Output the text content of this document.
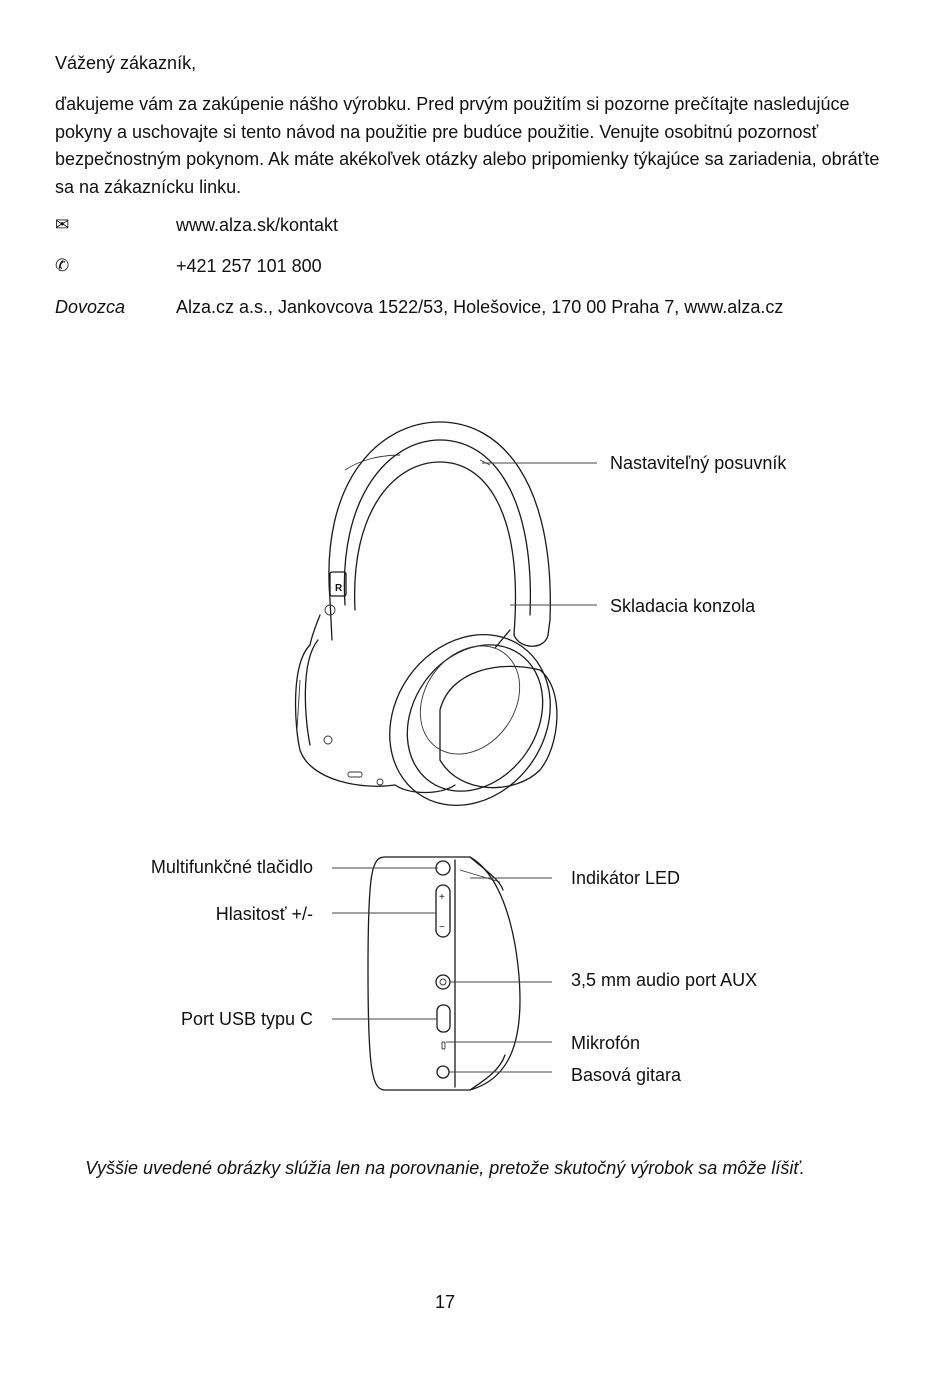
Vážený zákazník,

ďakujeme vám za zakúpenie nášho výrobku. Pred prvým použitím si pozorne prečítajte nasledujúce pokyny a uschovajte si tento návod na použitie pre budúce použitie. Venujte osobitnú pozornosť bezpečnostným pokynom. Ak máte akékoľvek otázky alebo pripomienky týkajúce sa zariadenia, obráťte sa na zákaznícku linku.

✉	www.alza.sk/kontakt
✆	+421 257 101 800
Dovozca	Alza.cz a.s., Jankovcova 1522/53, Holešovice, 170 00 Praha 7, www.alza.cz
R
+
−
Nastaviteľný posuvník
Skladacia konzola
Multifunkčné tlačidlo
Hlasitosť +/-
Port USB typu C
Indikátor LED
3,5 mm audio port AUX
Mikrofón
Basová gitara
Vyššie uvedené obrázky slúžia len na porovnanie, pretože skutočný výrobok sa môže líšiť.
17
